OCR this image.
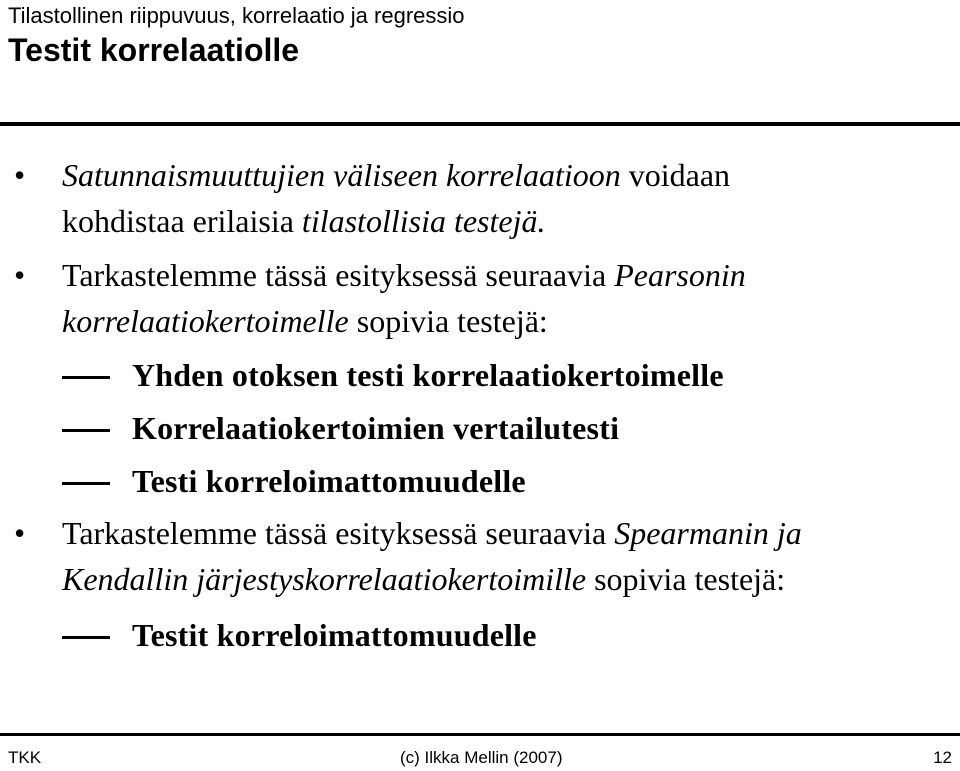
Tilastollinen riippuvuus, korrelaatio ja regressio
Testit korrelaatiolle
• Satunnaismuuttujien väliseen korrelaatioon voidaan
kohdistaa erilaisia tilastollisia testejä.
• Tarkastelemme tässä esityksessä seuraavia Pearsonin
korrelaatiokertoimelle sopivia testejä:
Yhden otoksen testi korrelaatiokertoimelle
Korrelaatiokertoimien vertailutesti
Testi korreloimattomuudelle
• Tarkastelemme tässä esityksessä seuraavia Spearmanin ja
Kendallin järjestyskorrelaatiokertoimille sopivia testejä:
Testit korreloimattomuudelle
TKK	(c) Ilkka Mellin (2007)	12
